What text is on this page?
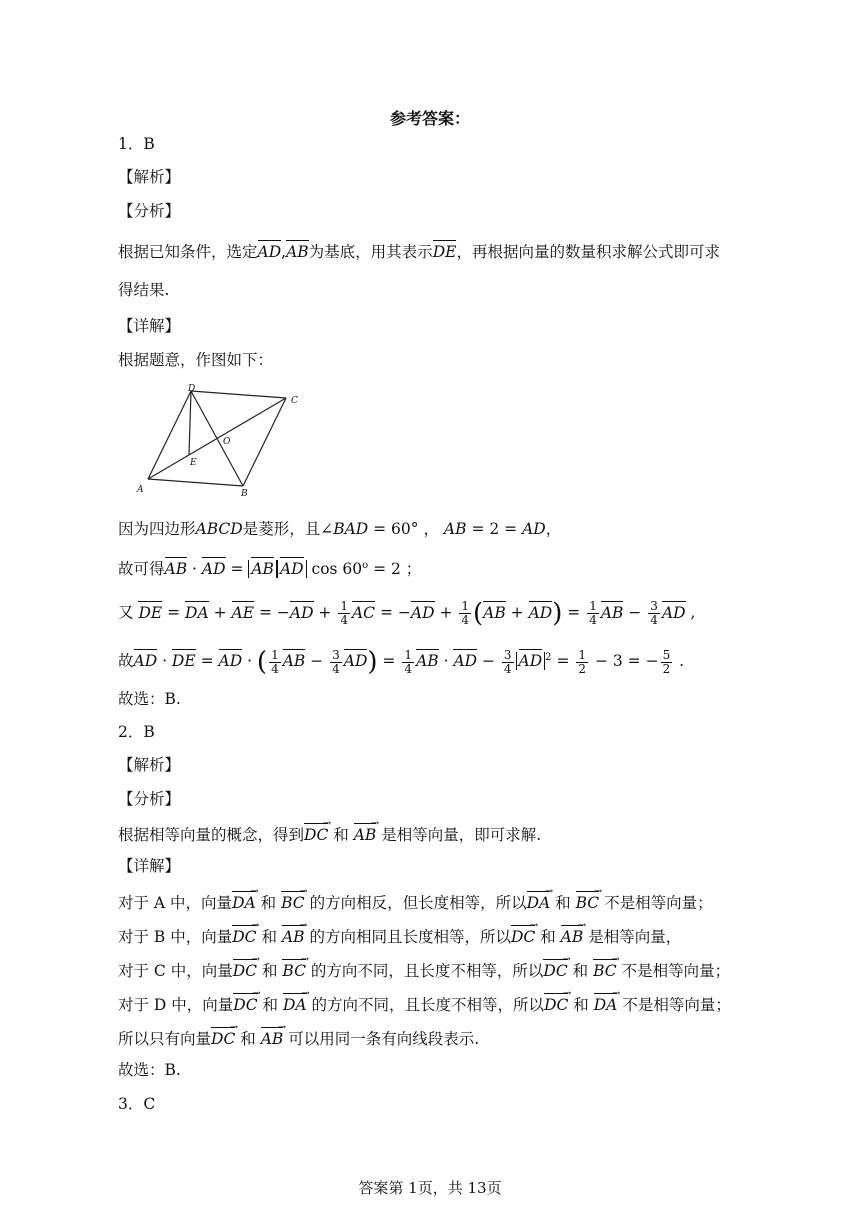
参考答案：
1．B
【解析】
【分析】
根据已知条件，选定AD,AB为基底，用其表示DE，再根据向量的数量积求解公式即可求
得结果.
【详解】
根据题意，作图如下：
D
C
O
E
A	B
因为四边形ABCD是菱形，且∠BAD = 60° ， AB = 2 = AD，
故可得AB · AD = AB AD $\cos 60^o = 2$ ；
又 DE = DA + AE = $-AD + \frac{1}{4}$ AC = $-AD + \frac{1}{4} (AB + AD) = \frac{1}{4}$ AB − $\frac{3}{4}$ AD ,
故AD · DE = AD · ( $\frac{1}{4}$ AB − $\frac{3}{4} AD) = \frac{1}{4}$ AB · AD − $\frac{3}{4}$ AD $^2 = \frac{1}{2} - 3$ = − $\frac{5}{2}$ .
故选：B.
2．B
【解析】
【分析】
根据相等向量的概念，得到DC → 和 AB → 是相等向量，即可求解.
【详解】
对于 A 中，向量DA → 和 BC → 的方向相反，但长度相等，所以DA → 和 BC → 不是相等向量；
对于 B 中，向量DC → 和 AB → 的方向相同且长度相等，所以DC → 和 AB → 是相等向量，
对于 C 中，向量DC → 和 BC → 的方向不同，且长度不相等，所以DC → 和 BC → 不是相等向量；
对于 D 中，向量DC → 和 DA → 的方向不同，且长度不相等，所以DC → 和 DA → 不是相等向量；
所以只有向量DC → 和 AB → 可以用同一条有向线段表示.
故选：B.
3．C
答案第 1页，共 13页
